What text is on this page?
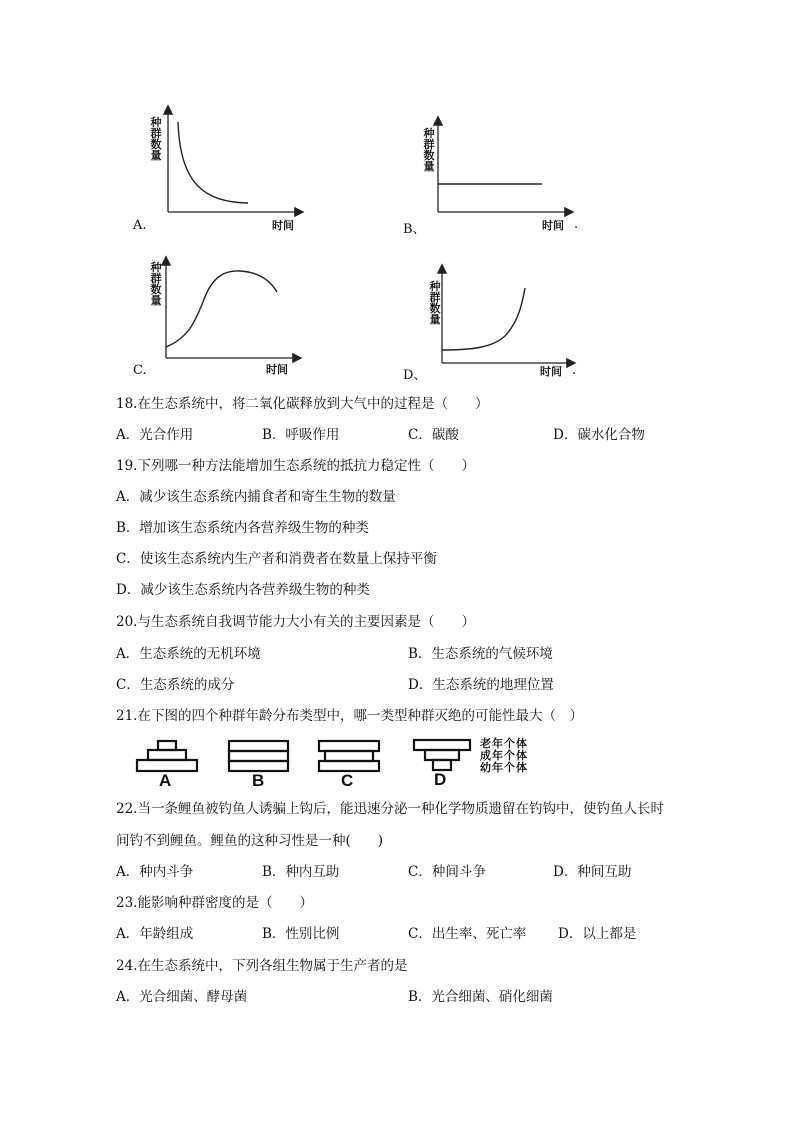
种
群
数
量
时间
A.
种
群
数
量
时间 .
B、
种
群
数
量
时间
C.
种
群
数
量
时间 .
D、
18.在生态系统中，将二氧化碳释放到大气中的过程是（　　）
A．光合作用	B．呼吸作用	C．碳酸	D．碳水化合物
19.下列哪一种方法能增加生态系统的抵抗力稳定性（　　）
A．减少该生态系统内捕食者和寄生生物的数量
B．增加该生态系统内各营养级生物的种类
C．使该生态系统内生产者和消费者在数量上保持平衡
D．减少该生态系统内各营养级生物的种类
20.与生态系统自我调节能力大小有关的主要因素是（　　）
A．生态系统的无机环境	B．生态系统的气候环境
C．生态系统的成分	D．生态系统的地理位置
21.在下图的四个种群年龄分布类型中，哪一类型种群灭绝的可能性最大（　）
A	B	C	D
老年个体
成年个体
幼年个体
22.当一条鲤鱼被钓鱼人诱骗上钩后，能迅速分泌一种化学物质遗留在钓钩中，使钓鱼人长时
间钓不到鲤鱼。鲤鱼的这种习性是一种(　　)
A．种内斗争	B．种内互助	C．种间斗争	D．种间互助
23.能影响种群密度的是（　　）
A．年龄组成	B．性别比例	C．出生率、死亡率 D．以上都是
24.在生态系统中，下列各组生物属于生产者的是
A．光合细菌、酵母菌	B．光合细菌、硝化细菌
